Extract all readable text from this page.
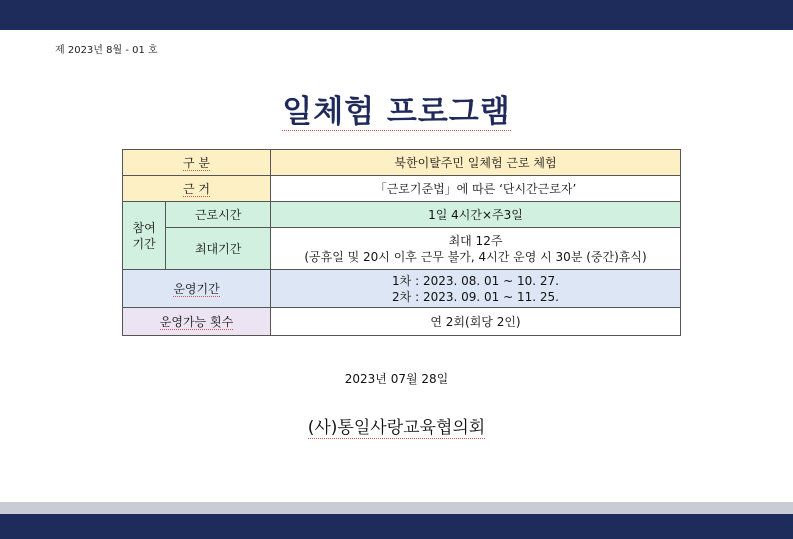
제 2023년 8월 - 01 호
일체험 프로그램
구 분		북한이탈주민 일체험 근로 체험
근 거		「근로기준법」에 따른 ‘단시간근로자’

참여
기간	근로시간	1일 4시간×주3일
	최대기간	최대 12주
(공휴일 및 20시 이후 근무 불가, 4시간 운영 시 30분 (중간)휴식)

운영기간		1차 : 2023. 08. 01 ~ 10. 27.
2차 : 2023. 09. 01 ~ 11. 25.

운영가능 횟수		연 2회(회당 2인)
2023년 07월 28일
(사)통일사랑교육협의회
